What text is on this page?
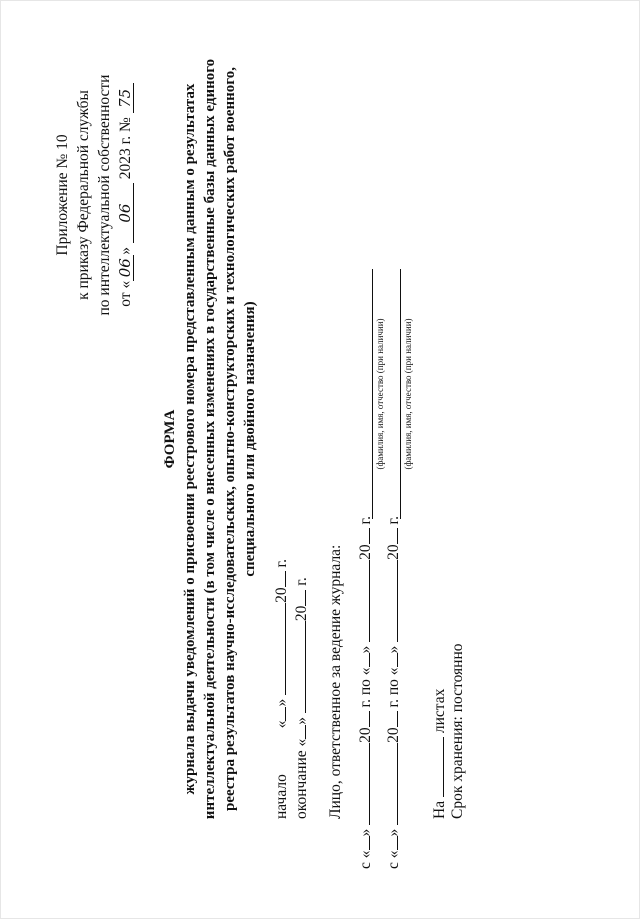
Приложение № 10 к приказу Федеральной службы по интеллектуальной собственности от «06» 06 2023 г. № 75
ФОРМА журнала выдачи уведомлений о присвоении реестрового номера представленным данным о результатах интеллектуальной деятельности (в том числе о внесенных изменениях в государственные базы данных единого реестра результатов научно-исследовательских, опытно-конструкторских и технологических работ военного, специального или двойного назначения)
начало «» 20 г.
окончание «» 20 г. Лицо, ответственное за ведение журнала:
с «» 20 г. по «» 20 г.
(фамилия, имя, отчество (при наличии)
с «» 20 г. по «» 20 г.
(фамилия, имя, отчество (при наличии)
На  листах Срок хранения: постоянно
